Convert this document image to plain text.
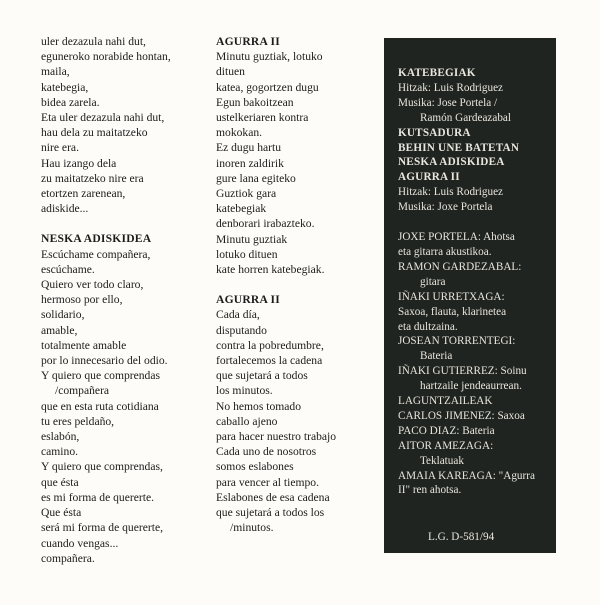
uler dezazula nahi dut,
eguneroko norabide hontan,
maila,
katebegia,
bidea zarela.
Eta uler dezazula nahi dut,
hau dela zu maitatzeko
nire era.
Hau izango dela
zu maitatzeko nire era
etortzen zarenean,
adiskide...
NESKA ADISKIDEA
Escúchame compañera,
escúchame.
Quiero ver todo claro,
hermoso por ello,
solidario,
amable,
totalmente amable
por lo innecesario del odio.
Y quiero que comprendas
/compañera
que en esta ruta cotidiana
tu eres peldaño,
eslabón,
camino.
Y quiero que comprendas,
que ésta
es mi forma de quererte.
Que ésta
será mi forma de quererte,
cuando vengas...
compañera.
AGURRA II
Minutu guztiak, lotuko
dituen
katea, gogortzen dugu
Egun bakoitzean
ustelkeriaren kontra
mokokan.
Ez dugu hartu
inoren zaldirik
gure lana egiteko
Guztiok gara
katebegiak
denborari irabazteko.
Minutu guztiak
lotuko dituen
kate horren katebegiak.
AGURRA II
Cada día,
disputando
contra la pobredumbre,
fortalecemos la cadena
que sujetará a todos
los minutos.
No hemos tomado
caballo ajeno
para hacer nuestro trabajo
Cada uno de nosotros
somos eslabones
para vencer al tiempo.
Eslabones de esa cadena
que sujetará a todos los
/minutos.
KATEBEGIAK
Hitzak: Luis Rodriguez
Musika: Jose Portela /
Ramón Gardeazabal
KUTSADURA
BEHIN UNE BATETAN
NESKA ADISKIDEA
AGURRA II
Hitzak: Luis Rodriguez
Musika: Joxe Portela
JOXE PORTELA: Ahotsa
eta gitarra akustikoa.
RAMON GARDEZABAL:
gitara
IÑAKI URRETXAGA:
Saxoa, flauta, klarinetea
eta dultzaina.
JOSEAN TORRENTEGI:
Bateria
IÑAKI GUTIERREZ: Soinu
hartzaile jendeaurrean.
LAGUNTZAILEAK
CARLOS JIMENEZ: Saxoa
PACO DIAZ: Bateria
AITOR AMEZAGA:
Teklatuak
AMAIA KAREAGA: "Agurra
II" ren ahotsa.
L.G. D-581/94
